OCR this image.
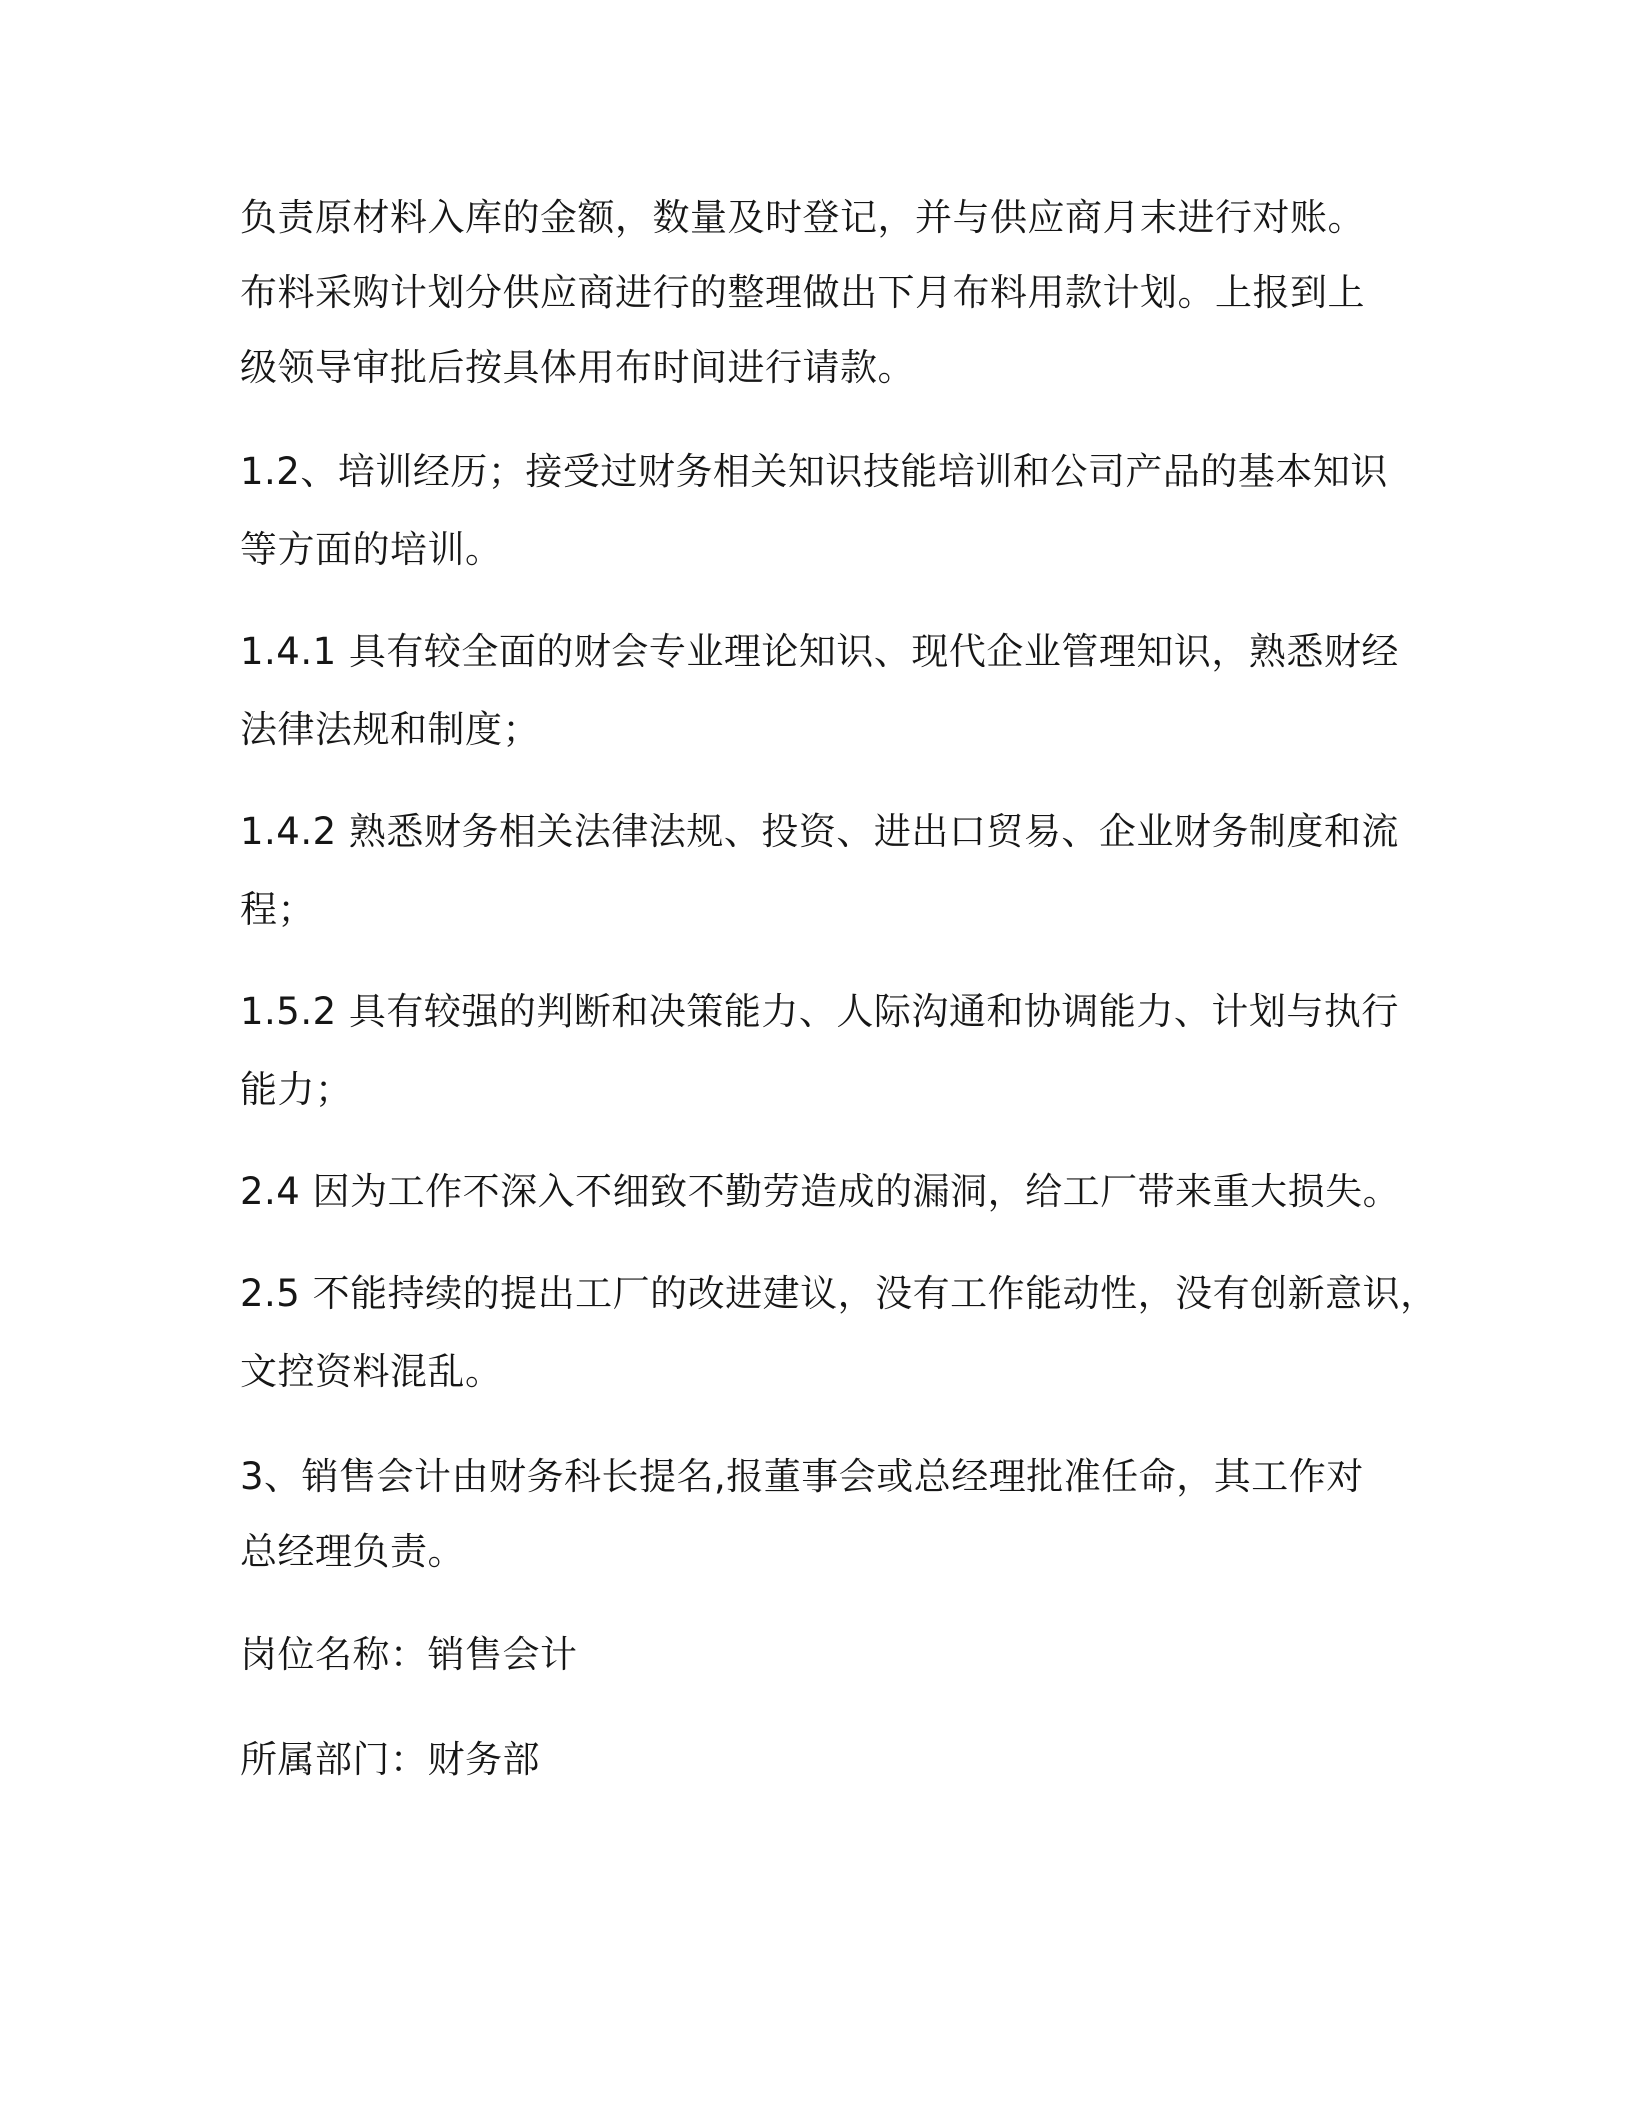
负责原材料入库的金额，数量及时登记，并与供应商月末进行对账。
布料采购计划分供应商进行的整理做出下月布料用款计划。上报到上
级领导审批后按具体用布时间进行请款。
1.2、培训经历；接受过财务相关知识技能培训和公司产品的基本知识
等方面的培训。
1.4.1 具有较全面的财会专业理论知识、现代企业管理知识，熟悉财经
法律法规和制度；
1.4.2 熟悉财务相关法律法规、投资、进出口贸易、企业财务制度和流
程；
1.5.2 具有较强的判断和决策能力、人际沟通和协调能力、计划与执行
能力；
2.4 因为工作不深入不细致不勤劳造成的漏洞，给工厂带来重大损失。
2.5 不能持续的提出工厂的改进建议，没有工作能动性，没有创新意识，
文控资料混乱。
3、销售会计由财务科长提名,报董事会或总经理批准任命，其工作对
总经理负责。
岗位名称：销售会计
所属部门：财务部
